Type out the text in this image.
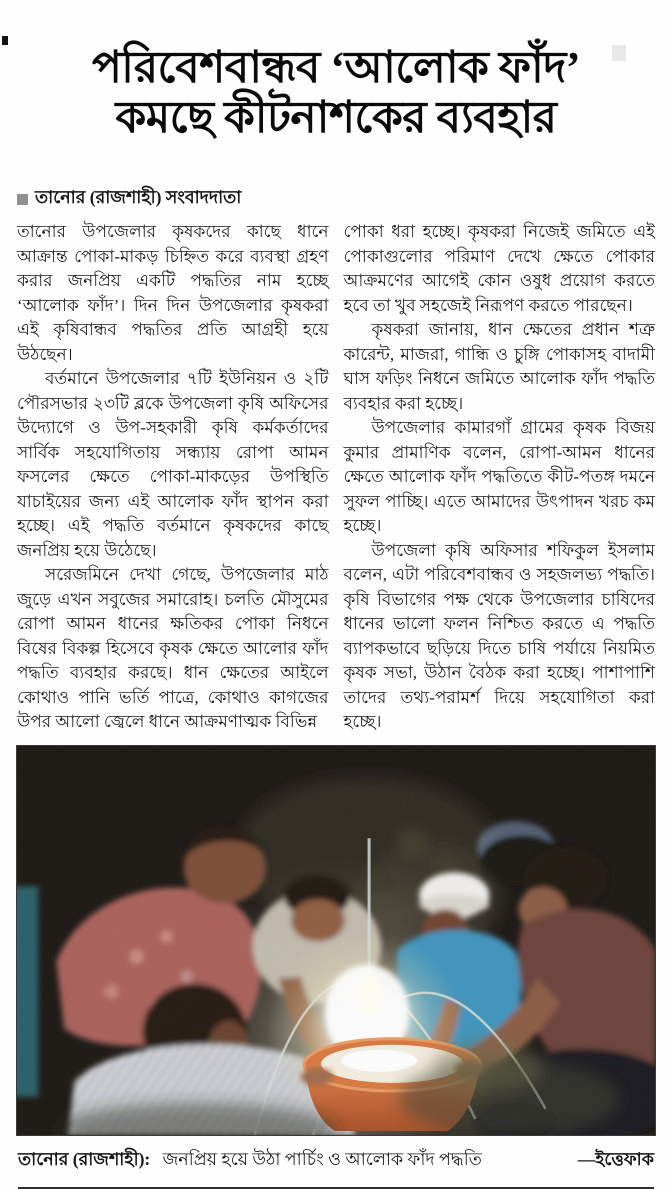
পরিবেশবান্ধব ‘আলোক ফাঁদ’
কমছে কীটনাশকের ব্যবহার
তানোর (রাজশাহী) সংবাদদাতা

তানোর উপজেলার কৃষকদের কাছে ধানে আক্রান্ত পোকা-মাকড় চিহ্নিত করে ব্যবস্থা গ্রহণ করার জনপ্রিয় একটি পদ্ধতির নাম হচ্ছে ‘আলোক ফাঁদ’। দিন দিন উপজেলার কৃষকরা এই কৃষিবান্ধব পদ্ধতির প্রতি আগ্রহী হয়ে উঠছেন।

বর্তমানে উপজেলার ৭টি ইউনিয়ন ও ২টি পৌরসভার ২৩টি ব্লকে উপজেলা কৃষি অফিসের উদ্যোগে ও উপ-সহকারী কৃষি কর্মকর্তাদের সার্বিক সহযোগিতায় সন্ধ্যায় রোপা আমন ফসলের ক্ষেতে পোকা-মাকড়ের উপস্থিতি যাচাইয়ের জন্য এই আলোক ফাঁদ স্থাপন করা হচ্ছে। এই পদ্ধতি বর্তমানে কৃষকদের কাছে জনপ্রিয় হয়ে উঠেছে।

সরেজমিনে দেখা গেছে, উপজেলার মাঠ জুড়ে এখন সবুজের সমারোহ। চলতি মৌসুমের রোপা আমন ধানের ক্ষতিকর পোকা নিধনে বিষের বিকল্প হিসেবে কৃষক ক্ষেতে আলোর ফাঁদ পদ্ধতি ব্যবহার করছে। ধান ক্ষেতের আইলে কোথাও পানি ভর্তি পাত্রে, কোথাও কাগজের উপর আলো জ্বেলে ধানে আক্রমণাত্মক বিভিন্ন

পোকা ধরা হচ্ছে। কৃষকরা নিজেই জমিতে এই পোকাগুলোর পরিমাণ দেখে ক্ষেতে পোকার আক্রমণের আগেই কোন ওষুধ প্রয়োগ করতে হবে তা খুব সহজেই নিরূপণ করতে পারছেন।

কৃষকরা জানায়, ধান ক্ষেতের প্রধান শত্রু কারেন্ট, মাজরা, গান্ধি ও চুঙ্গি পোকাসহ বাদামী ঘাস ফড়িং নিধনে জমিতে আলোক ফাঁদ পদ্ধতি ব্যবহার করা হচ্ছে।

উপজেলার কামারগাঁ গ্রামের কৃষক বিজয় কুমার প্রামাণিক বলেন, রোপা-আমন ধানের ক্ষেতে আলোক ফাঁদ পদ্ধতিতে কীট-পতঙ্গ দমনে সুফল পাচ্ছি। এতে আমাদের উৎপাদন খরচ কম হচ্ছে।

উপজেলা কৃষি অফিসার শফিকুল ইসলাম বলেন, এটা পরিবেশবান্ধব ও সহজলভ্য পদ্ধতি। কৃষি বিভাগের পক্ষ থেকে উপজেলার চাষিদের ধানের ভালো ফলন নিশ্চিত করতে এ পদ্ধতি ব্যাপকভাবে ছড়িয়ে দিতে চাষি পর্যায়ে নিয়মিত কৃষক সভা, উঠান বৈঠক করা হচ্ছে। পাশাপাশি তাদের তথ্য-পরামর্শ দিয়ে সহযোগিতা করা হচ্ছে।

তানোর (রাজশাহী): জনপ্রিয় হয়ে উঠা পার্চিং ও আলোক ফাঁদ পদ্ধতি	—ইত্তেফাক
